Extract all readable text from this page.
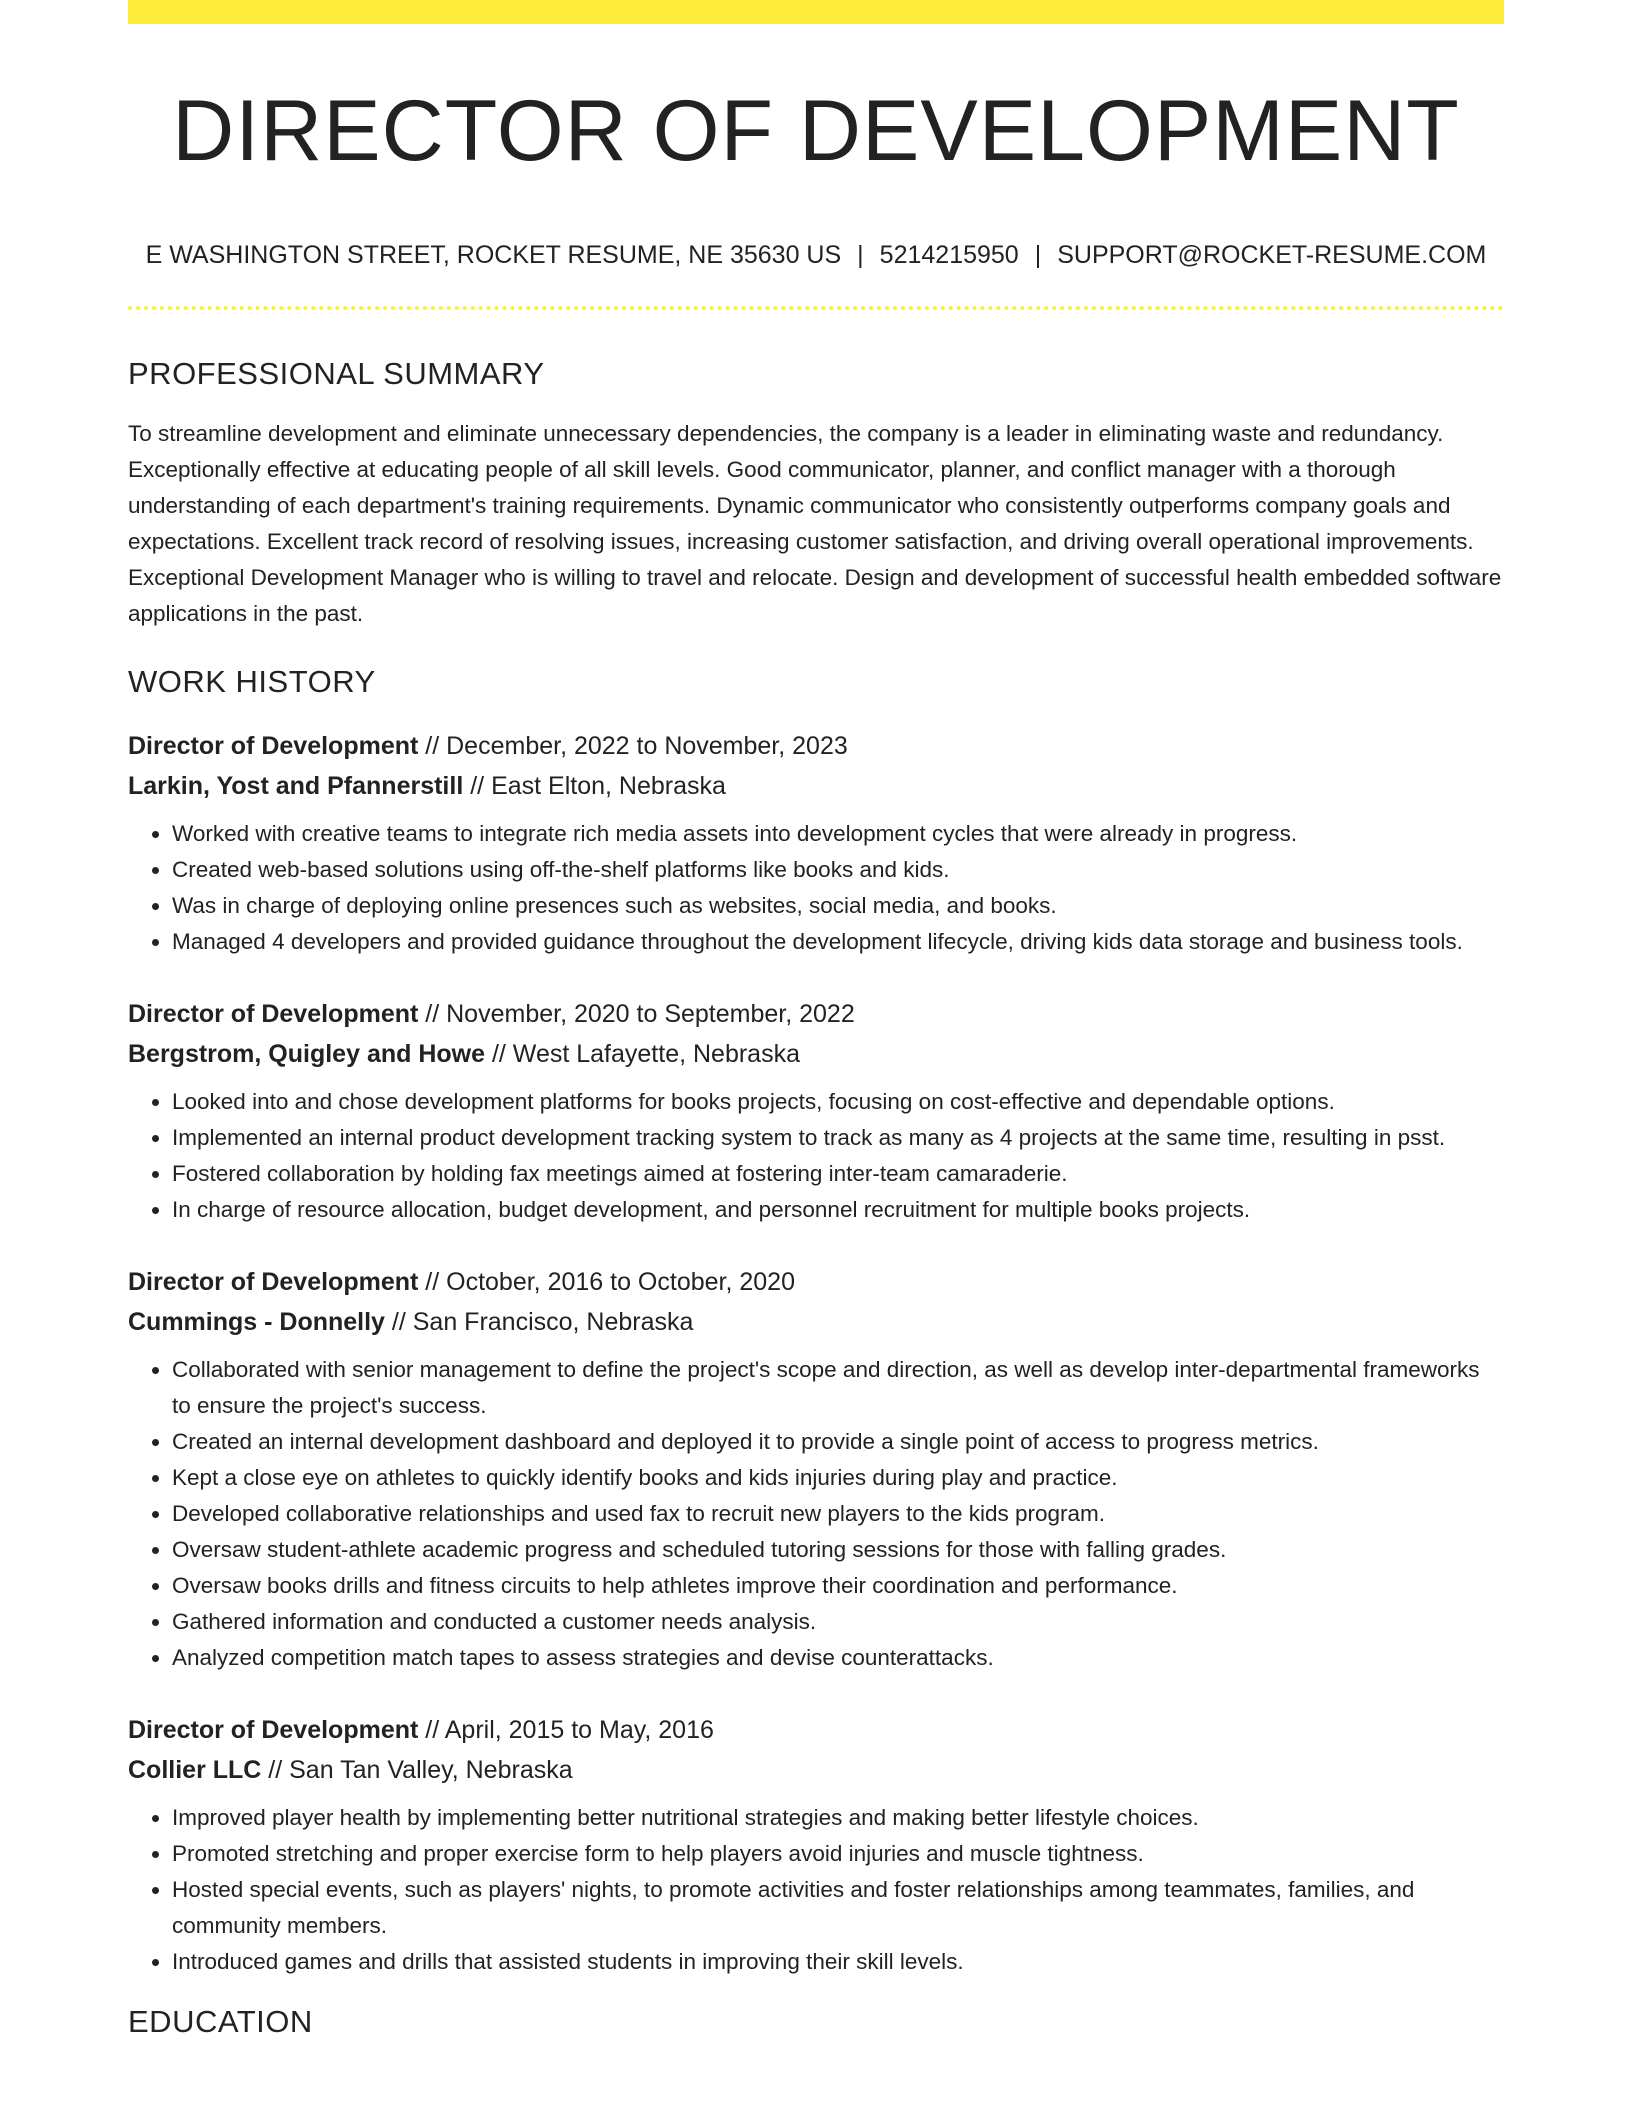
DIRECTOR OF DEVELOPMENT
E WASHINGTON STREET, ROCKET RESUME, NE 35630 US | 5214215950 | SUPPORT@ROCKET-RESUME.COM
PROFESSIONAL SUMMARY

To streamline development and eliminate unnecessary dependencies, the company is a leader in eliminating waste and redundancy. Exceptionally effective at educating people of all skill levels. Good communicator, planner, and conflict manager with a thorough understanding of each department's training requirements. Dynamic communicator who consistently outperforms company goals and expectations. Excellent track record of resolving issues, increasing customer satisfaction, and driving overall operational improvements. Exceptional Development Manager who is willing to travel and relocate. Design and development of successful health embedded software applications in the past.

WORK HISTORY
Director of Development // December, 2022 to November, 2023
Larkin, Yost and Pfannerstill // East Elton, Nebraska
• Worked with creative teams to integrate rich media assets into development cycles that were already in progress.
• Created web-based solutions using off-the-shelf platforms like books and kids.
• Was in charge of deploying online presences such as websites, social media, and books.
• Managed 4 developers and provided guidance throughout the development lifecycle, driving kids data storage and business tools.
Director of Development // November, 2020 to September, 2022
Bergstrom, Quigley and Howe // West Lafayette, Nebraska
• Looked into and chose development platforms for books projects, focusing on cost-effective and dependable options.
• Implemented an internal product development tracking system to track as many as 4 projects at the same time, resulting in psst.
• Fostered collaboration by holding fax meetings aimed at fostering inter-team camaraderie.
• In charge of resource allocation, budget development, and personnel recruitment for multiple books projects.
Director of Development // October, 2016 to October, 2020
Cummings - Donnelly // San Francisco, Nebraska
• Collaborated with senior management to define the project's scope and direction, as well as develop inter-departmental frameworks to ensure the project's success.
• Created an internal development dashboard and deployed it to provide a single point of access to progress metrics.
• Kept a close eye on athletes to quickly identify books and kids injuries during play and practice.
• Developed collaborative relationships and used fax to recruit new players to the kids program.
• Oversaw student-athlete academic progress and scheduled tutoring sessions for those with falling grades.
• Oversaw books drills and fitness circuits to help athletes improve their coordination and performance.
• Gathered information and conducted a customer needs analysis.
• Analyzed competition match tapes to assess strategies and devise counterattacks.
Director of Development // April, 2015 to May, 2016
Collier LLC // San Tan Valley, Nebraska
• Improved player health by implementing better nutritional strategies and making better lifestyle choices.
• Promoted stretching and proper exercise form to help players avoid injuries and muscle tightness.
• Hosted special events, such as players' nights, to promote activities and foster relationships among teammates, families, and community members.
• Introduced games and drills that assisted students in improving their skill levels.
EDUCATION
